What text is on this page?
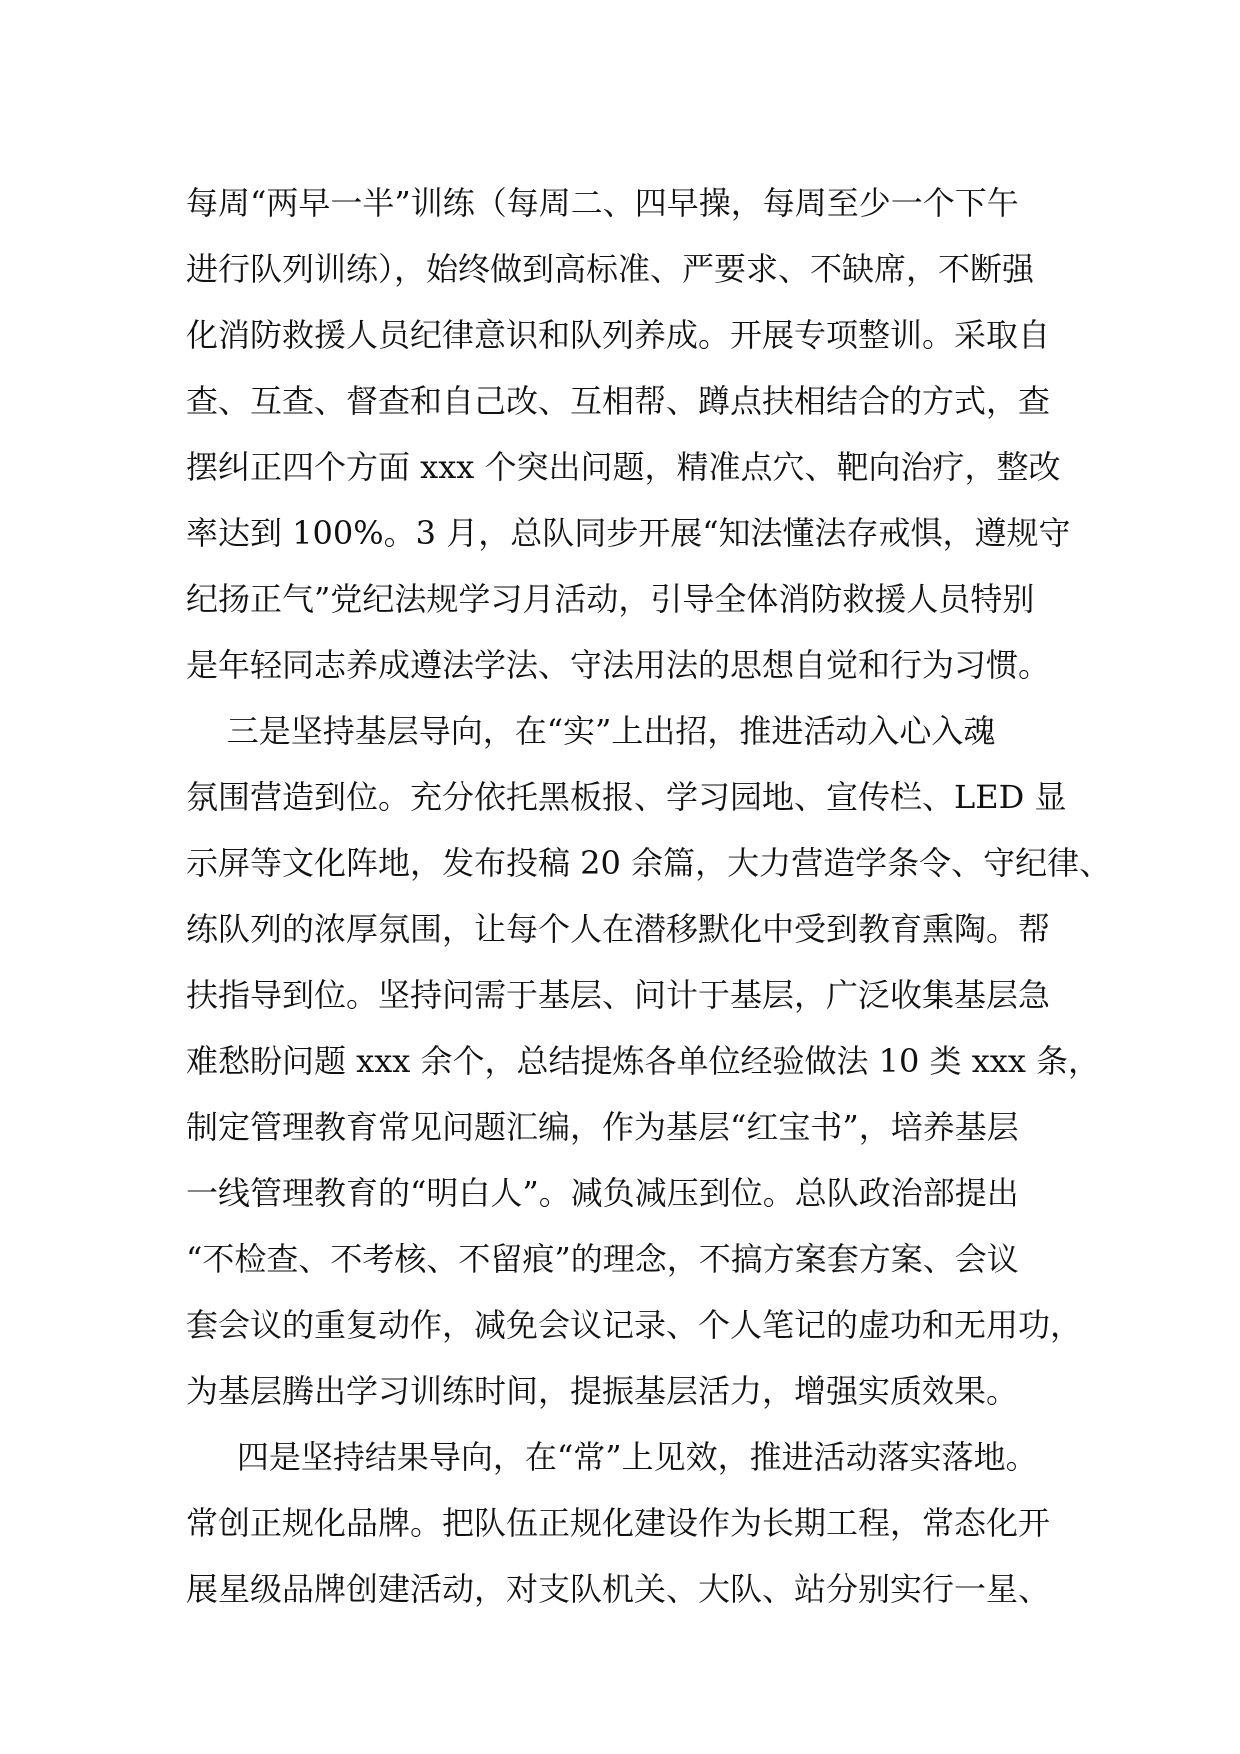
每周“两早一半”训练（每周二、四早操，每周至少一个下午
进行队列训练），始终做到高标准、严要求、不缺席，不断强
化消防救援人员纪律意识和队列养成。开展专项整训。采取自
查、互查、督查和自己改、互相帮、蹲点扶相结合的方式，查
摆纠正四个方面 xxx 个突出问题，精准点穴、靶向治疗，整改
率达到 100%。3 月，总队同步开展“知法懂法存戒惧，遵规守
纪扬正气”党纪法规学习月活动，引导全体消防救援人员特别
是年轻同志养成遵法学法、守法用法的思想自觉和行为习惯。
三是坚持基层导向，在“实”上出招，推进活动入心入魂
氛围营造到位。充分依托黑板报、学习园地、宣传栏、LED 显
示屏等文化阵地，发布投稿 20 余篇，大力营造学条令、守纪律、
练队列的浓厚氛围，让每个人在潜移默化中受到教育熏陶。帮
扶指导到位。坚持问需于基层、问计于基层，广泛收集基层急
难愁盼问题 xxx 余个，总结提炼各单位经验做法 10 类 xxx 条，
制定管理教育常见问题汇编，作为基层“红宝书”，培养基层
一线管理教育的“明白人”。减负减压到位。总队政治部提出
“不检查、不考核、不留痕”的理念，不搞方案套方案、会议
套会议的重复动作，减免会议记录、个人笔记的虚功和无用功，
为基层腾出学习训练时间，提振基层活力，增强实质效果。
四是坚持结果导向，在“常”上见效，推进活动落实落地。
常创正规化品牌。把队伍正规化建设作为长期工程，常态化开
展星级品牌创建活动，对支队机关、大队、站分别实行一星、
